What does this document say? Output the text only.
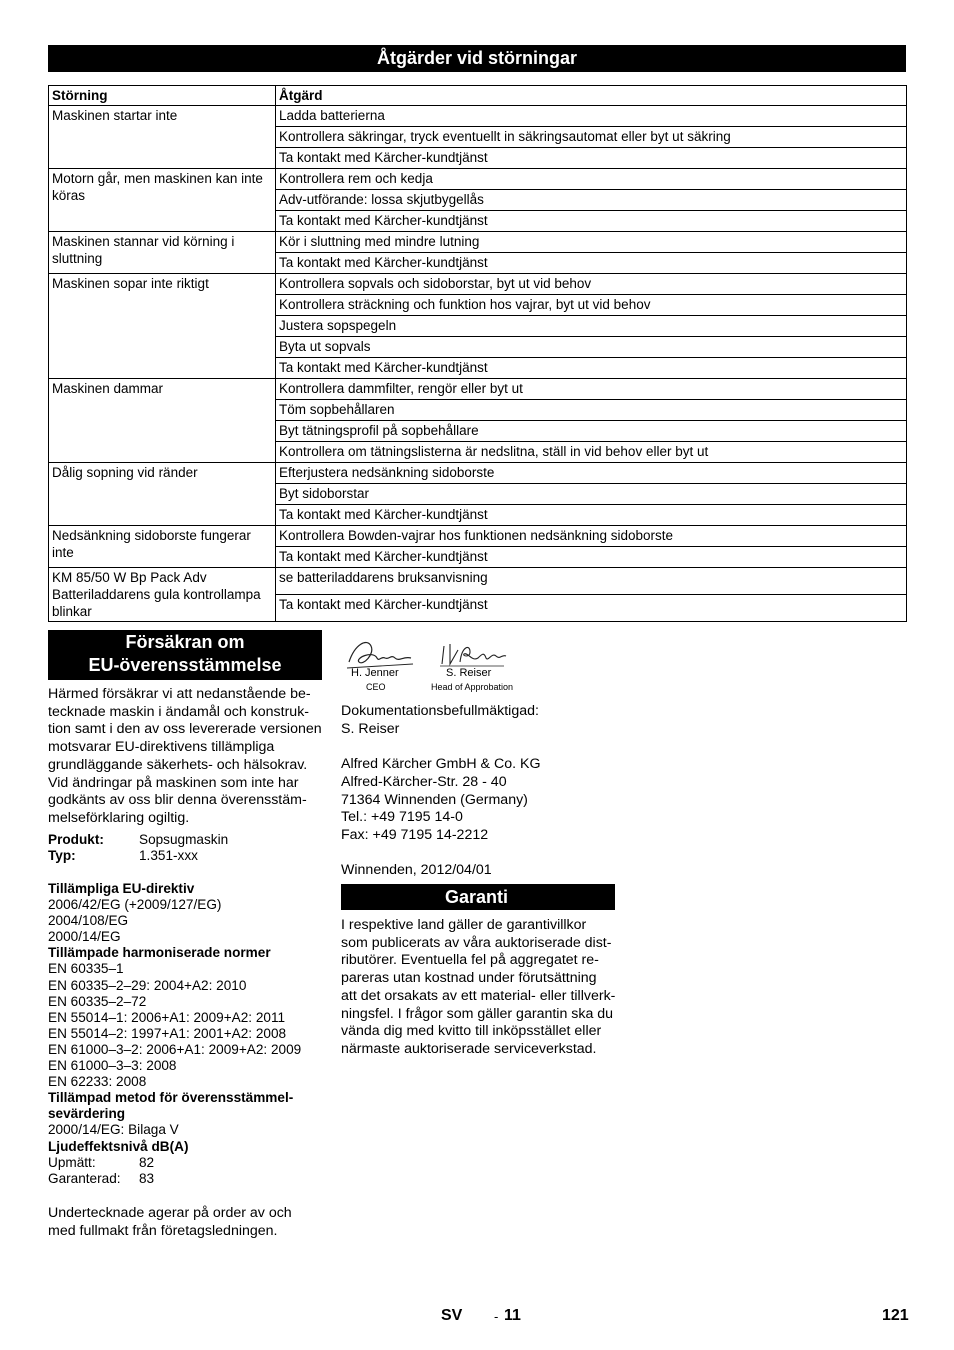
Åtgärder vid störningar
Störning	Åtgärd
Maskinen startar inte	Ladda batterierna
	Kontrollera säkringar, tryck eventuellt in säkringsautomat eller byt ut säkring
	Ta kontakt med Kärcher-kundtjänst
Motorn går, men maskinen kan inte köras	Kontrollera rem och kedja
	Adv-utförande: lossa skjutbygellås
	Ta kontakt med Kärcher-kundtjänst
Maskinen stannar vid körning i sluttning	Kör i sluttning med mindre lutning
	Ta kontakt med Kärcher-kundtjänst
Maskinen sopar inte riktigt	Kontrollera sopvals och sidoborstar, byt ut vid behov
	Kontrollera sträckning och funktion hos vajrar, byt ut vid behov
	Justera sopspegeln
	Byta ut sopvals
	Ta kontakt med Kärcher-kundtjänst
Maskinen dammar	Kontrollera dammfilter, rengör eller byt ut
	Töm sopbehållaren
	Byt tätningsprofil på sopbehållare
	Kontrollera om tätningslisterna är nedslitna, ställ in vid behov eller byt ut
Dålig sopning vid ränder	Efterjustera nedsänkning sidoborste
	Byt sidoborstar
	Ta kontakt med Kärcher-kundtjänst
Nedsänkning sidoborste fungerar inte	Kontrollera Bowden-vajrar hos funktionen nedsänkning sidoborste
	Ta kontakt med Kärcher-kundtjänst
KM 85/50 W Bp Pack Adv Batteriladdarens gula kontrollampa blinkar	se batteriladdarens bruksanvisning
	Ta kontakt med Kärcher-kundtjänst
Försäkran om
EU-överensstämmelse
Härmed försäkrar vi att nedanstående be-
tecknade maskin i ändamål och konstruk-
tion samt i den av oss levererade versionen
motsvarar EU-direktivens tillämpliga
grundläggande säkerhets- och hälsokrav.
Vid ändringar på maskinen som inte har
godkänts av oss blir denna överensstäm-
melseförklaring ogiltig.
Produkt:	Sopsugmaskin
Typ:	1.351-xxx
Tillämpliga EU-direktiv
2006/42/EG (+2009/127/EG)
2004/108/EG
2000/14/EG
Tillämpade harmoniserade normer
EN 60335–1
EN 60335–2–29: 2004+A2: 2010
EN 60335–2–72
EN 55014–1: 2006+A1: 2009+A2: 2011
EN 55014–2: 1997+A1: 2001+A2: 2008
EN 61000–3–2: 2006+A1: 2009+A2: 2009
EN 61000–3–3: 2008
EN 62233: 2008
Tillämpad metod för överensstämmel-
sevärdering
2000/14/EG: Bilaga V
Ljudeffektsnivå dB(A)
Upmätt:	82
Garanterad:	83
Undertecknade agerar på order av och
med fullmakt från företagsledningen.
H. Jenner
CEO
S. Reiser
Head of Approbation
Dokumentationsbefullmäktigad:
S. Reiser
Alfred Kärcher GmbH & Co. KG
Alfred-Kärcher-Str. 28 - 40
71364 Winnenden (Germany)
Tel.: +49 7195 14-0
Fax: +49 7195 14-2212
Winnenden, 2012/04/01
Garanti
I respektive land gäller de garantivillkor
som publicerats av våra auktoriserade dist-
ributörer. Eventuella fel på aggregatet re-
pareras utan kostnad under förutsättning
att det orsakats av ett material- eller tillverk-
ningsfel. I frågor som gäller garantin ska du
vända dig med kvitto till inköpsstället eller
närmaste auktoriserade serviceverkstad.
SV - 11	121
